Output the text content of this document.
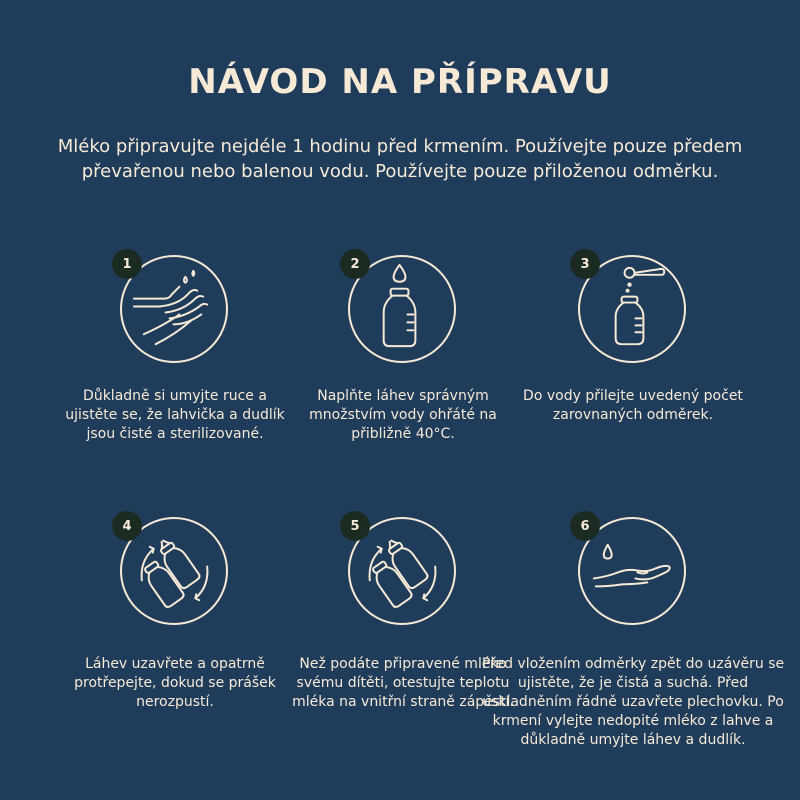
NÁVOD NA PŘÍPRAVU

Mléko připravujte nejdéle 1 hodinu před krmením. Používejte pouze předem převařenou nebo balenou vodu. Používejte pouze přiloženou odměrku.

1

Důkladně si umyjte ruce a ujistěte se, že lahvička a dudlík jsou čisté a sterilizované.

2

Naplňte láhev správným množstvím vody ohřáté na přibližně 40°C.

3

Do vody přilejte uvedený počet zarovnaných odměrek.

4

Láhev uzavřete a opatrně protřepejte, dokud se prášek nerozpustí.

5

Než podáte připravené mléko svému dítěti, otestujte teplotu mléka na vnitřní straně zápěstí.

6

Před vložením odměrky zpět do uzávěru se ujistěte, že je čistá a suchá. Před uskladněním řádně uzavřete plechovku. Po krmení vylejte nedopité mléko z lahve a důkladně umyjte láhev a dudlík.
